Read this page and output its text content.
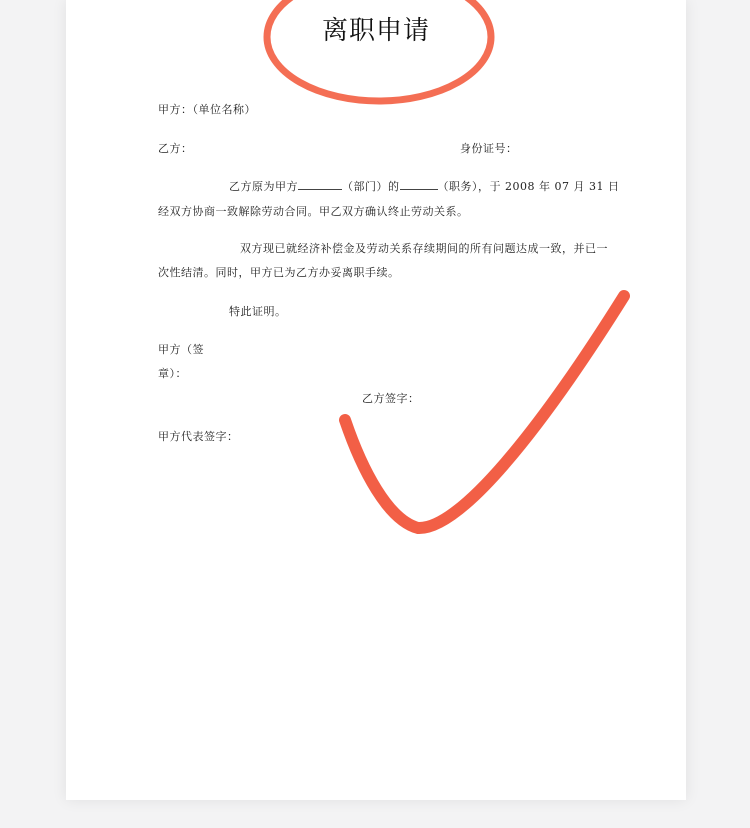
离职申请
甲方：（单位名称）
乙方：	身份证号：
乙方原为甲方	（部门）的	（职务），于 2008 年 07 月 31 日
经双方协商一致解除劳动合同。甲乙双方确认终止劳动关系。
双方现已就经济补偿金及劳动关系存续期间的所有问题达成一致，并已一
次性结清。同时，甲方已为乙方办妥离职手续。
特此证明。
甲方（签
章）：
乙方签字：
甲方代表签字：
